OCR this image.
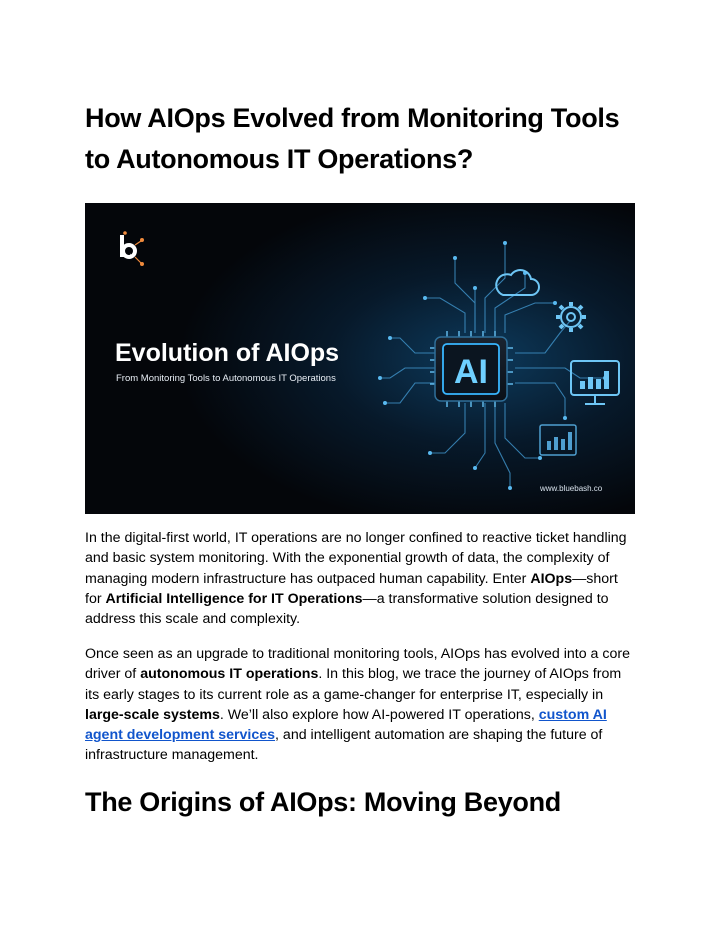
How AIOps Evolved from Monitoring Tools to Autonomous IT Operations?
b
Evolution of AIOps
From Monitoring Tools to Autonomous IT Operations	AI
www.bluebash.co

In the digital-first world, IT operations are no longer confined to reactive ticket handling and basic system monitoring. With the exponential growth of data, the complexity of managing modern infrastructure has outpaced human capability. Enter AIOps—short for Artificial Intelligence for IT Operations—a transformative solution designed to address this scale and complexity.

Once seen as an upgrade to traditional monitoring tools, AIOps has evolved into a core driver of autonomous IT operations. In this blog, we trace the journey of AIOps from its early stages to its current role as a game-changer for enterprise IT, especially in large-scale systems. We’ll also explore how AI-powered IT operations, custom AI agent development services, and intelligent automation are shaping the future of infrastructure management.

The Origins of AIOps: Moving Beyond
